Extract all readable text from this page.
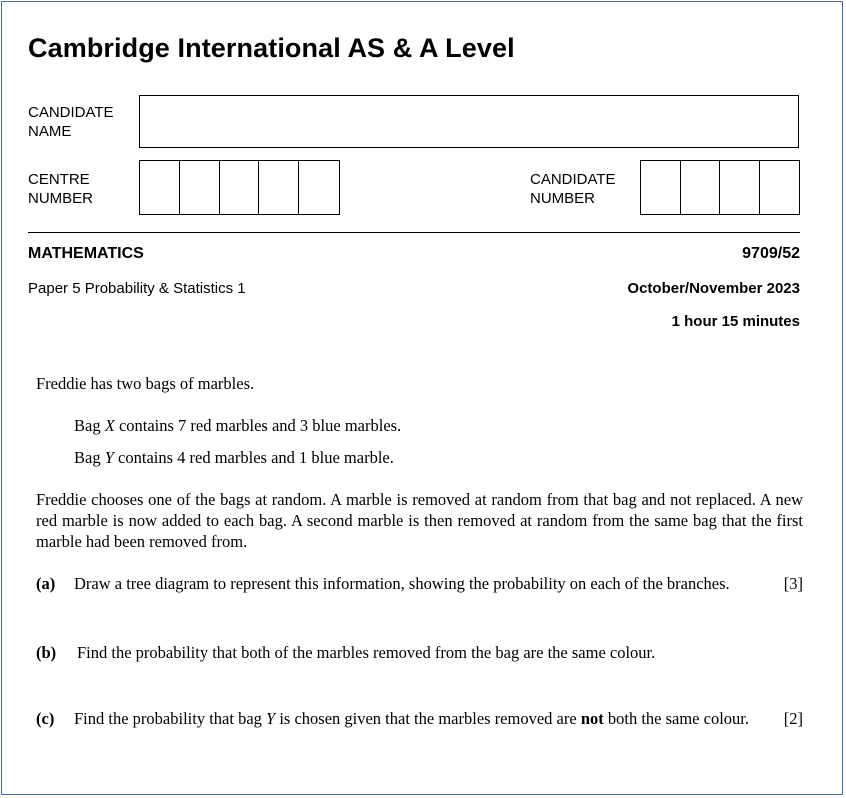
Cambridge International AS & A Level
CANDIDATE
NAME
CENTRE
NUMBER
CANDIDATE
NUMBER
MATHEMATICS	9709/52
Paper 5 Probability & Statistics 1	October/November 2023
1 hour 15 minutes
Freddie has two bags of marbles.
Bag X contains 7 red marbles and 3 blue marbles.
Bag Y contains 4 red marbles and 1 blue marble.
Freddie chooses one of the bags at random. A marble is removed at random from that bag and not replaced. A new red marble is now added to each bag. A second marble is then removed at random from the same bag that the first marble had been removed from.
(a)	Draw a tree diagram to represent this information, showing the probability on each of the branches.	[3]
(b)	Find the probability that both of the marbles removed from the bag are the same colour.
(c)	Find the probability that bag Y is chosen given that the marbles removed are not both the same colour.	[2]
